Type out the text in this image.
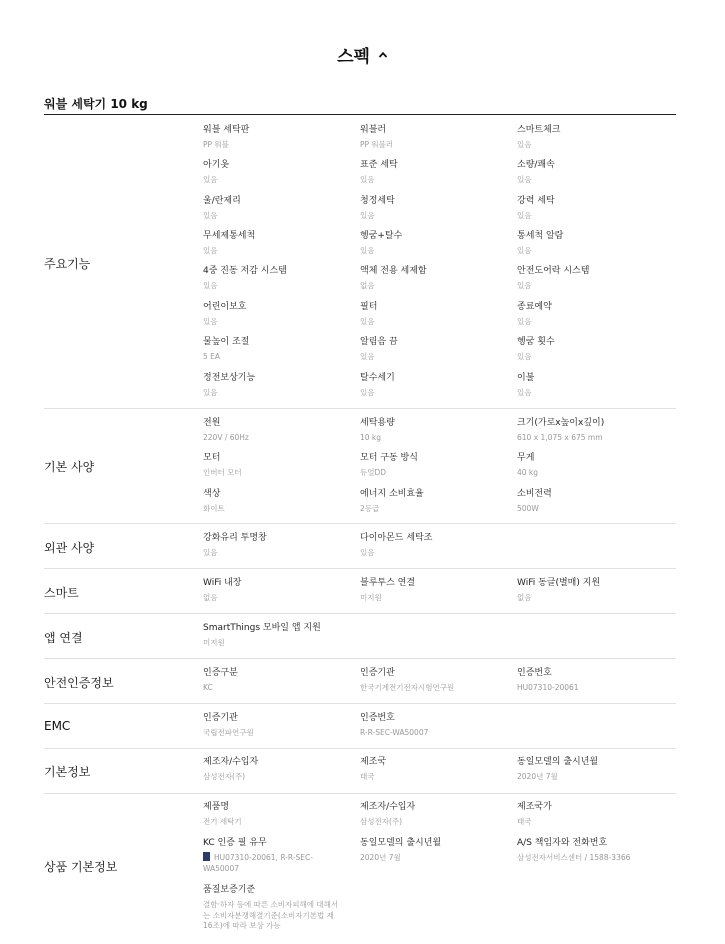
스펙
워블 세탁기 10 kg
주요기능
워블 세탁판
PP 워블
워블러
PP 워블러
스마트체크
있음
아기옷
있음
표준 세탁
있음
소량/쾌속
있음
울/란제리
있음
청정세탁
있음
강력 세탁
있음
무세제통세척
있음
헹굼+탈수
있음
통세척 알람
있음
4중 진동 저감 시스템
있음
액체 전용 세제함
없음
안전도어락 시스템
있음
어린이보호
있음
필터
있음
종료예약
있음
물높이 조절
5 EA
알림음 끔
있음
헹굼 횟수
있음
정전보상기능
있음
탈수세기
있음
이불
있음
기본 사양
전원
220V / 60Hz
세탁용량
10 kg
크기(가로x높이x깊이)
610 x 1,075 x 675 mm
모터
인버터 모터
모터 구동 방식
듀얼DD
무게
40 kg
색상
화이트
에너지 소비효율
2등급
소비전력
500W
외관 사양
강화유리 투명창
있음
다이아몬드 세탁조
있음
스마트
WiFi 내장
없음
블루투스 연결
미지원
WiFi 동글(별매) 지원
없음
앱 연결
SmartThings 모바일 앱 지원
미지원
안전인증정보
인증구분
KC
인증기관
한국기계전기전자시험연구원
인증번호
HU07310-20061
EMC
인증기관
국립전파연구원
인증번호
R-R-SEC-WA50007
기본정보
제조자/수입자
삼성전자(주)
제조국
태국
동일모델의 출시년월
2020년 7월
상품 기본정보
제품명
전기 세탁기
제조자/수입자
삼성전자(주)
제조국가
태국
KC 인증 필 유무
HU07310-20061, R-R-SEC-WA50007
동일모델의 출시년월
2020년 7월
A/S 책임자와 전화번호
삼성전자서비스센터 / 1588-3366
품질보증기준
결함·하자 등에 따른 소비자피해에 대해서는 소비자분쟁해결기준(소비자기본법 제16조)에 따라 보상 가능
